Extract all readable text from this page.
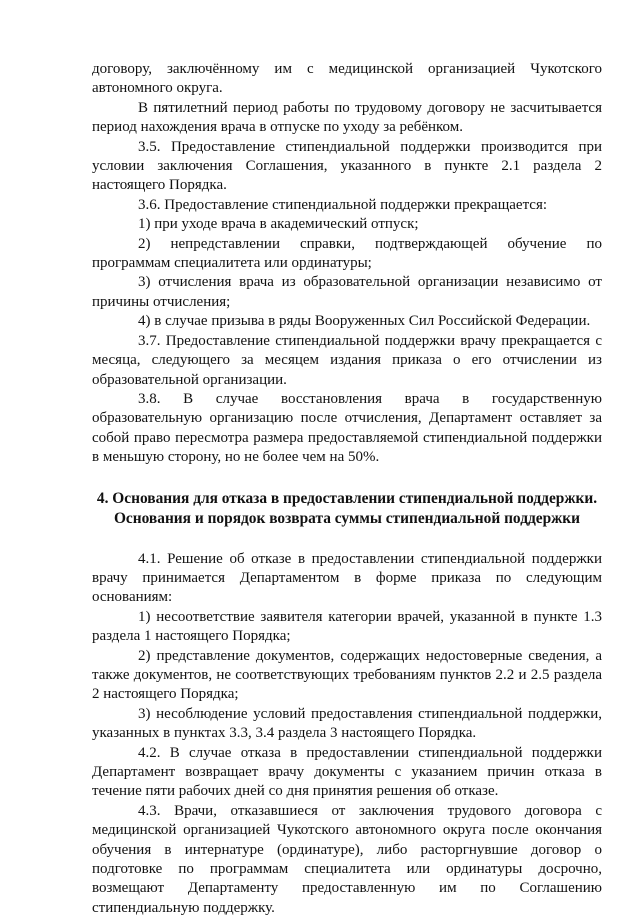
договору, заключённому им с медицинской организацией Чукотского автономного округа.

В пятилетний период работы по трудовому договору не засчитывается период нахождения врача в отпуске по уходу за ребёнком.

3.5. Предоставление стипендиальной поддержки производится при условии заключения Соглашения, указанного в пункте 2.1 раздела 2 настоящего Порядка.

3.6. Предоставление стипендиальной поддержки прекращается:

1) при уходе врача в академический отпуск;

2) непредставлении справки, подтверждающей обучение по программам специалитета или ординатуры;

3) отчисления врача из образовательной организации независимо от причины отчисления;

4) в случае призыва в ряды Вооруженных Сил Российской Федерации.

3.7. Предоставление стипендиальной поддержки врачу прекращается с месяца, следующего за месяцем издания приказа о его отчислении из образовательной организации.

3.8. В случае восстановления врача в государственную образовательную организацию после отчисления, Департамент оставляет за собой право пересмотра размера предоставляемой стипендиальной поддержки в меньшую сторону, но не более чем на 50%.

4. Основания для отказа в предоставлении стипендиальной поддержки.

Основания и порядок возврата суммы стипендиальной поддержки

4.1. Решение об отказе в предоставлении стипендиальной поддержки врачу принимается Департаментом в форме приказа по следующим основаниям:

1) несоответствие заявителя категории врачей, указанной в пункте 1.3 раздела 1 настоящего Порядка;

2) представление документов, содержащих недостоверные сведения, а также документов, не соответствующих требованиям пунктов 2.2 и 2.5 раздела 2 настоящего Порядка;

3) несоблюдение условий предоставления стипендиальной поддержки, указанных в пунктах 3.3, 3.4 раздела 3 настоящего Порядка.

4.2. В случае отказа в предоставлении стипендиальной поддержки Департамент возвращает врачу документы с указанием причин отказа в течение пяти рабочих дней со дня принятия решения об отказе.

4.3. Врачи, отказавшиеся от заключения трудового договора с медицинской организацией Чукотского автономного округа после окончания обучения в интернатуре (ординатуре), либо расторгнувшие договор о подготовке по программам специалитета или ординатуры досрочно, возмещают Департаменту предоставленную им по Соглашению стипендиальную поддержку.
